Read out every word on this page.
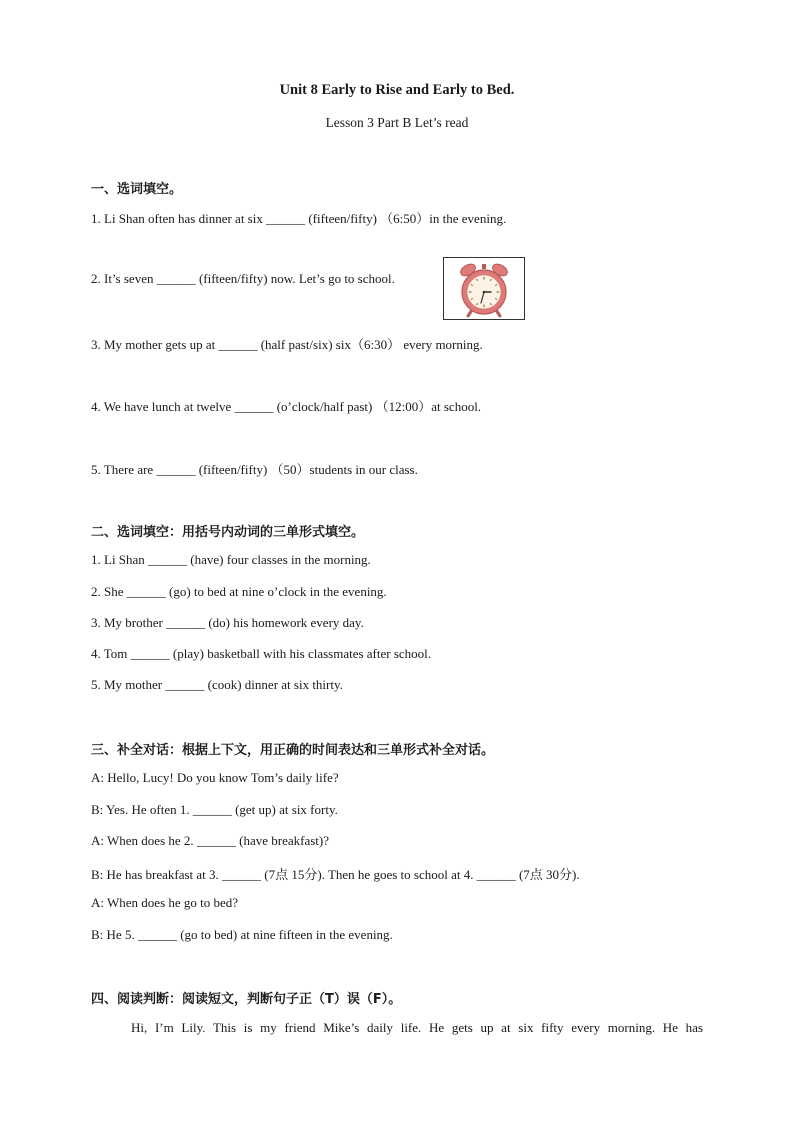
Unit 8 Early to Rise and Early to Bed.
Lesson 3 Part B Let’s read
一、选词填空。
1. Li Shan often has dinner at six ______ (fifteen/fifty) （6:50）in the evening.
2. It’s seven ______ (fifteen/fifty) now. Let’s go to school.
3. My mother gets up at ______ (half past/six) six（6:30） every morning.
4. We have lunch at twelve ______ (o’clock/half past) （12:00）at school.
5. There are ______ (fifteen/fifty) （50）students in our class.
二、选词填空：用括号内动词的三单形式填空。
1. Li Shan ______ (have) four classes in the morning.
2. She ______ (go) to bed at nine o’clock in the evening.
3. My brother ______ (do) his homework every day.
4. Tom ______ (play) basketball with his classmates after school.
5. My mother ______ (cook) dinner at six thirty.
三、补全对话：根据上下文，用正确的时间表达和三单形式补全对话。
A: Hello, Lucy! Do you know Tom’s daily life?
B: Yes. He often 1. ______ (get up) at six forty.
A: When does he 2. ______ (have breakfast)?
B: He has breakfast at 3. ______ (7点 15分). Then he goes to school at 4. ______ (7点 30分).
A: When does he go to bed?
B: He 5. ______ (go to bed) at nine fifteen in the evening.
四、阅读判断：阅读短文，判断句子正（T）误（F）。
Hi, I’m Lily. This is my friend Mike’s daily life. He gets up at six fifty every morning. He has
